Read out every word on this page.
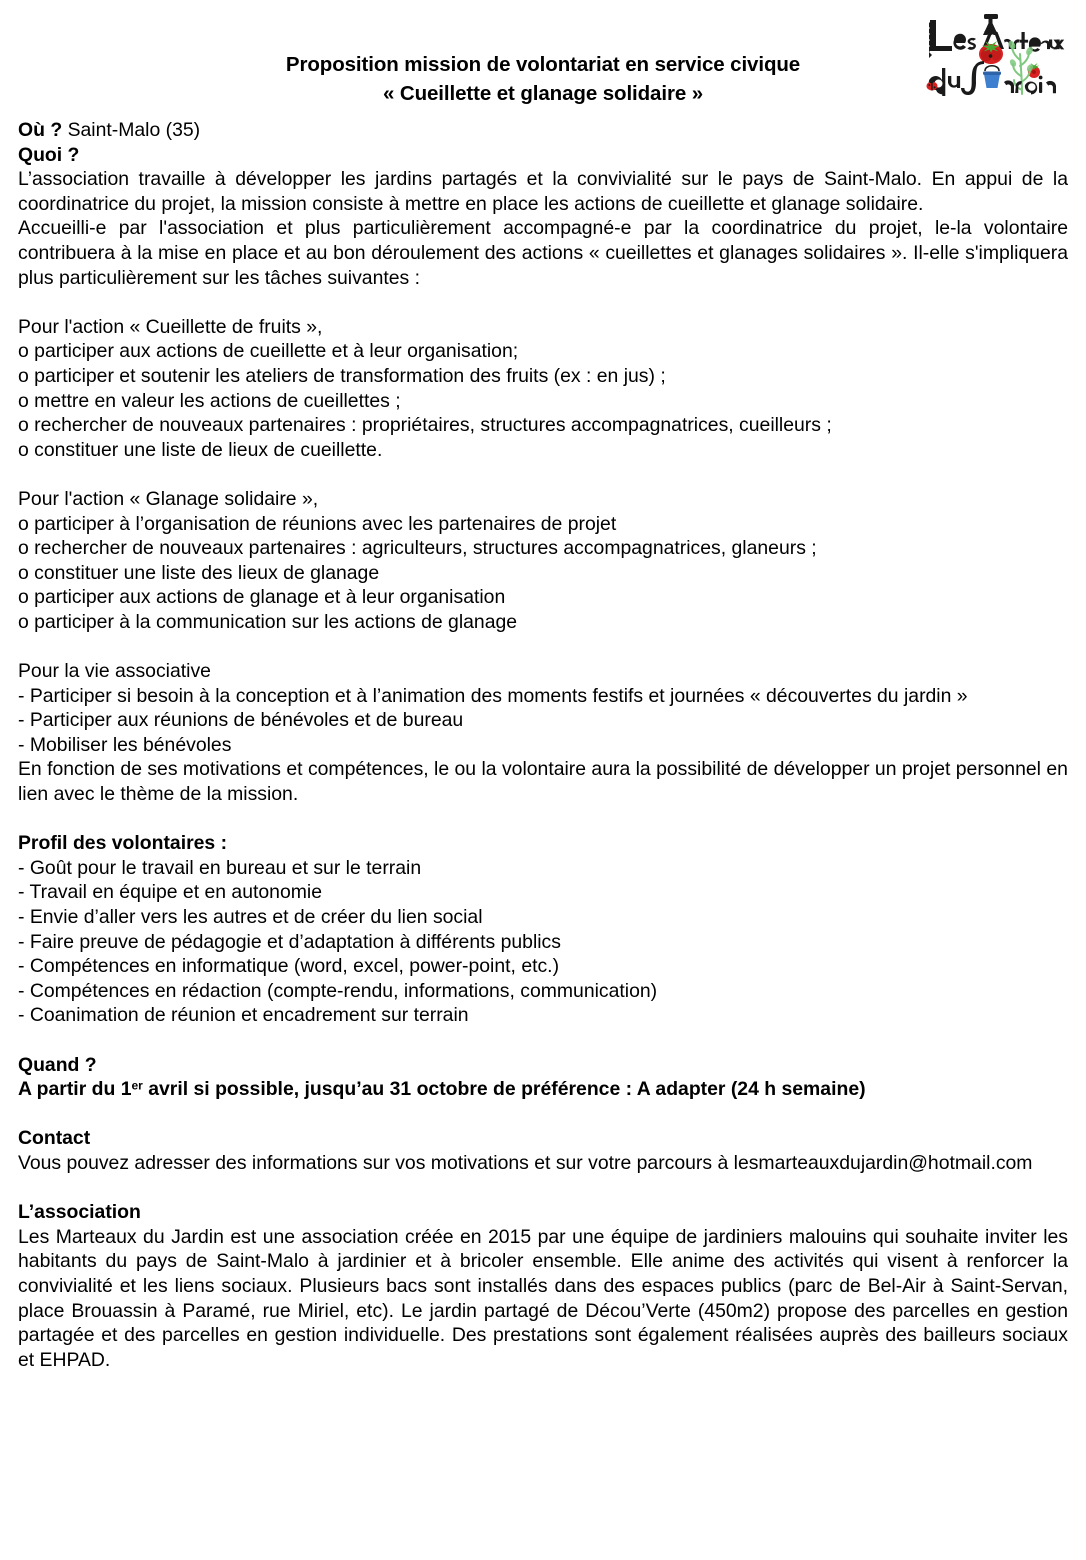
Proposition mission de volontariat en service civique
« Cueillette et glanage solidaire »

Où ? Saint-Malo (35)

Quoi ?

L’association travaille à développer les jardins partagés et la convivialité sur le pays de Saint-Malo. En appui de la coordinatrice du projet, la mission consiste à mettre en place les actions de cueillette et glanage solidaire.

Accueilli-e par l'association et plus particulièrement accompagné-e par la coordinatrice du projet, le-la volontaire contribuera à la mise en place et au bon déroulement des actions « cueillettes et glanages solidaires ». Il-elle s'impliquera plus particulièrement sur les tâches suivantes :

Pour l'action « Cueillette de fruits »,

o participer aux actions de cueillette et à leur organisation;
o participer et soutenir les ateliers de transformation des fruits (ex : en jus) ;
o mettre en valeur les actions de cueillettes ;
o rechercher de nouveaux partenaires : propriétaires, structures accompagnatrices, cueilleurs ;
o constituer une liste de lieux de cueillette.

Pour l'action « Glanage solidaire »,

o participer à l’organisation de réunions avec les partenaires de projet
o rechercher de nouveaux partenaires : agriculteurs, structures accompagnatrices, glaneurs ;
o constituer une liste des lieux de glanage
o participer aux actions de glanage et à leur organisation
o participer à la communication sur les actions de glanage

Pour la vie associative

- Participer si besoin à la conception et à l’animation des moments festifs et journées « découvertes du jardin »
- Participer aux réunions de bénévoles et de bureau
- Mobiliser les bénévoles

En fonction de ses motivations et compétences, le ou la volontaire aura la possibilité de développer un projet personnel en lien avec le thème de la mission.

Profil des volontaires :

- Goût pour le travail en bureau et sur le terrain
- Travail en équipe et en autonomie
- Envie d’aller vers les autres et de créer du lien social
- Faire preuve de pédagogie et d’adaptation à différents publics
- Compétences en informatique (word, excel, power-point, etc.)
- Compétences en rédaction (compte-rendu, informations, communication)
- Coanimation de réunion et encadrement sur terrain

Quand ?

A partir du 1er avril si possible, jusqu’au 31 octobre de préférence : A adapter (24 h semaine)

Contact

Vous pouvez adresser des informations sur vos motivations et sur votre parcours à lesmarteauxdujardin@hotmail.com

L’association

Les Marteaux du Jardin est une association créée en 2015 par une équipe de jardiniers malouins qui souhaite inviter les habitants du pays de Saint-Malo à jardinier et à bricoler ensemble. Elle anime des activités qui visent à renforcer la convivialité et les liens sociaux. Plusieurs bacs sont installés dans des espaces publics (parc de Bel-Air à Saint-Servan, place Brouassin à Paramé, rue Miriel, etc). Le jardin partagé de Décou’Verte (450m2) propose des parcelles en gestion partagée et des parcelles en gestion individuelle. Des prestations sont également réalisées auprès des bailleurs sociaux et EHPAD.
